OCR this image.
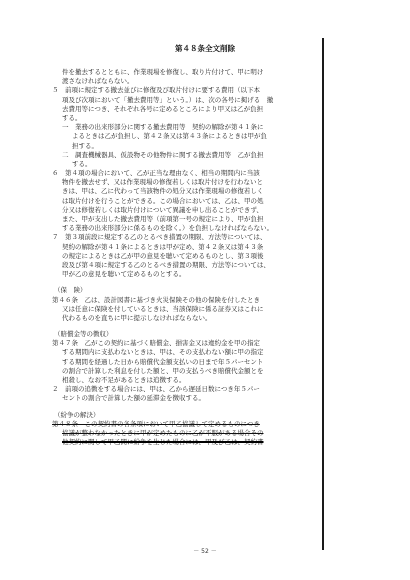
第４８条全文削除
件を撤去するとともに、作業現場を修復し、取り片付けて、甲に明け
渡さなければならない。
５　前項に規定する撤去並びに修復及び取片付けに要する費用（以下本
項及び次項において「撤去費用等」という。）は、次の各号に掲げる　撤
去費用等につき、それぞれ各号に定めるところにより甲又は乙が負担
する。
一　業務の出来形部分に関する撤去費用等　契約の解除が第４１条に
よるときは乙が負担し、第４２条又は第４３条によるときは甲が負
担する。
二　調査機械器具、仮設物その他物件に関する撤去費用等　乙が負担
する。
６　第４項の場合において、乙が正当な理由なく、相当の期間内に当該
物件を撤去せず、又は作業現場の修復若しくは取片付けを行わないと
きは、甲は、乙に代わって当該物件の処分又は作業現場の修復若しく
は取片付けを行うことができる。この場合においては、乙は、甲の処
分又は修復若しくは取片付けについて異議を申し出ることができず、
また、甲が支出した撤去費用等（前項第一号の規定により、甲が負担
する業務の出来形部分に係るものを除く。）を負担しなければならない。
７　第３項前段に規定する乙のとるべき措置の期限、方法等については、
契約の解除が第４１条によるときは甲が定め、第４２条又は第４３条
の規定によるときは乙が甲の意見を聴いて定めるものとし、第３項後
段及び第４項に規定する乙のとるべき措置の期限、方法等については、
甲が乙の意見を聴いて定めるものとする。
（保　険）
第４６条　乙は、設計図書に基づき火災保険その他の保険を付したとき
又は任意に保険を付しているときは、当該保険に係る証券又はこれに
代わるものを直ちに甲に提示しなければならない。
（賠償金等の徴収）
第４７条　乙がこの契約に基づく賠償金、損害金又は違約金を甲の指定
する期間内に支払わないときは、甲は、その支払わない額に甲の指定
する期間を経過した日から賠償代金額支払いの日まで年５パーセント
の割合で計算した利息を付した額と、甲の支払うべき賠償代金額とを
相殺し、なお不足があるときは追徴する。
２　前項の追徴をする場合には、甲は、乙から遅延日数につき年５パー
セントの割合で計算した額の延滞金を徴収する。
（紛争の解決）
第４８条　この契約書の各条項において甲乙協議して定めるものにつき
協議が整わなかったときに甲が定めたものに乙が不服がある場合その
他契約に関して甲乙間に紛争を生じた場合には、甲及び乙は、契約書
－ 52 －
